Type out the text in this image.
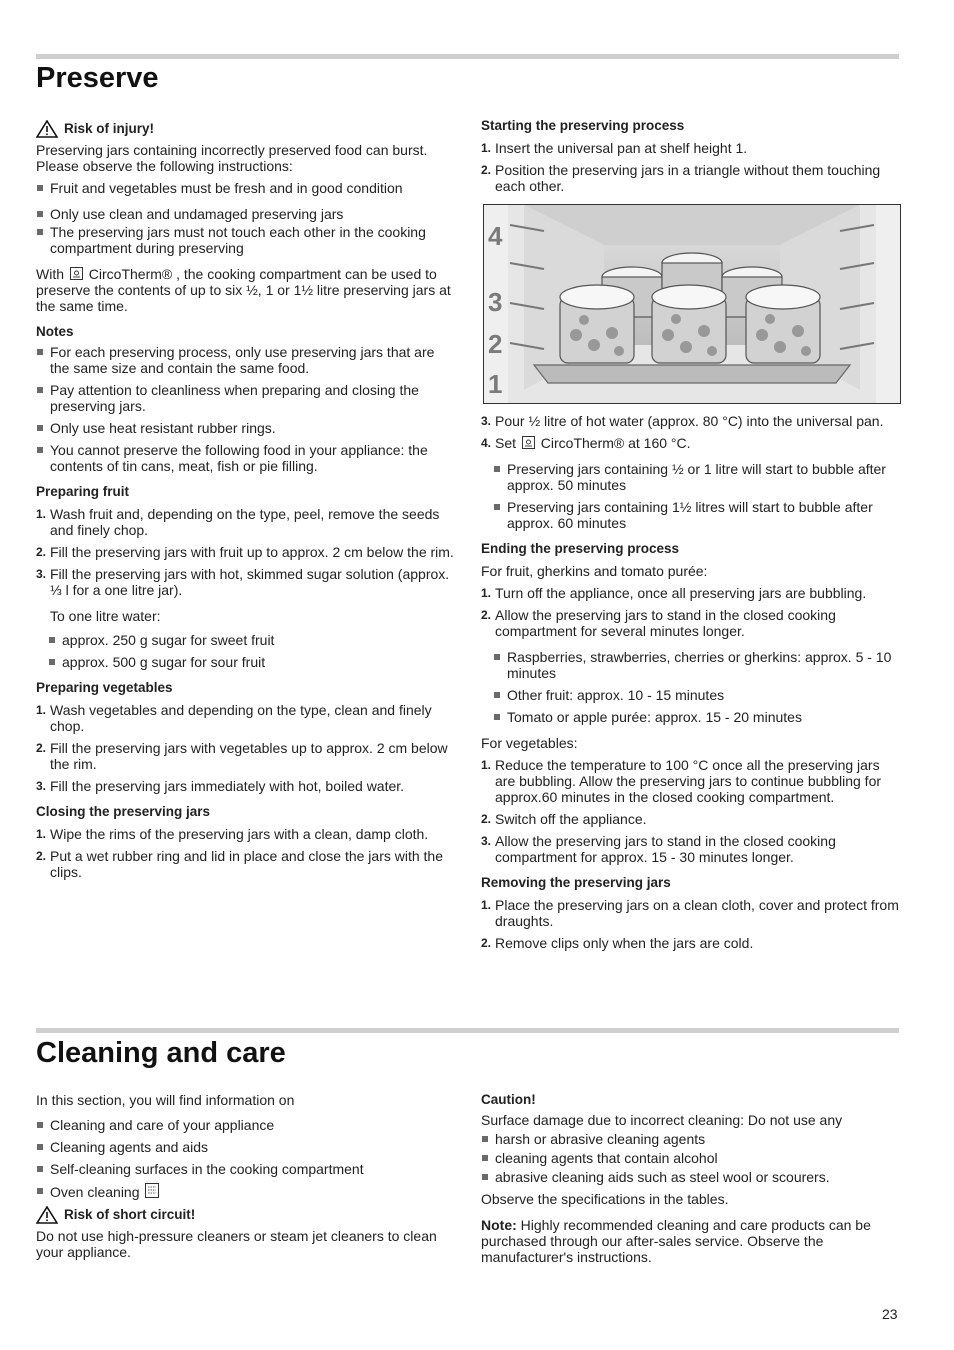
Preserve
Risk of injury!

Preserving jars containing incorrectly preserved food can burst. Please observe the following instructions:

Fruit and vegetables must be fresh and in good condition
Only use clean and undamaged preserving jars
The preserving jars must not touch each other in the cooking compartment during preserving

With CircoTherm® , the cooking compartment can be used to preserve the contents of up to six ½, 1 or 1½ litre preserving jars at the same time.

Notes
For each preserving process, only use preserving jars that are the same size and contain the same food.
Pay attention to cleanliness when preparing and closing the preserving jars.
Only use heat resistant rubber rings.
You cannot preserve the following food in your appliance: the contents of tin cans, meat, fish or pie filling.
Preparing fruit
1. Wash fruit and, depending on the type, peel, remove the seeds and finely chop.
2. Fill the preserving jars with fruit up to approx. 2 cm below the rim.
3. Fill the preserving jars with hot, skimmed sugar solution (approx. ⅓ l for a one litre jar).

To one litre water:

approx. 250 g sugar for sweet fruit
approx. 500 g sugar for sour fruit
Preparing vegetables
1. Wash vegetables and depending on the type, clean and finely chop.
2. Fill the preserving jars with vegetables up to approx. 2 cm below the rim.
3. Fill the preserving jars immediately with hot, boiled water.
Closing the preserving jars
1. Wipe the rims of the preserving jars with a clean, damp cloth.
2. Put a wet rubber ring and lid in place and close the jars with the clips.
Starting the preserving process
1. Insert the universal pan at shelf height 1.
2. Position the preserving jars in a triangle without them touching each other.
4
3
2
1
3. Pour ½ litre of hot water (approx. 80 °C) into the universal pan.
4. Set CircoTherm® at 160 °C.
Preserving jars containing ½ or 1 litre will start to bubble after approx. 50 minutes
Preserving jars containing 1½ litres will start to bubble after approx. 60 minutes
Ending the preserving process

For fruit, gherkins and tomato purée:

1. Turn off the appliance, once all preserving jars are bubbling.
2. Allow the preserving jars to stand in the closed cooking compartment for several minutes longer.
Raspberries, strawberries, cherries or gherkins: approx. 5 - 10 minutes
Other fruit: approx. 10 - 15 minutes
Tomato or apple purée: approx. 15 - 20 minutes

For vegetables:

1. Reduce the temperature to 100 °C once all the preserving jars are bubbling. Allow the preserving jars to continue bubbling for approx.60 minutes in the closed cooking compartment.
2. Switch off the appliance.
3. Allow the preserving jars to stand in the closed cooking compartment for approx. 15 - 30 minutes longer.
Removing the preserving jars
1. Place the preserving jars on a clean cloth, cover and protect from draughts.
2. Remove clips only when the jars are cold.
Cleaning and care

In this section, you will find information on

Cleaning and care of your appliance
Cleaning agents and aids
Self-cleaning surfaces in the cooking compartment
Oven cleaning
Risk of short circuit!

Do not use high-pressure cleaners or steam jet cleaners to clean your appliance.

Caution!

Surface damage due to incorrect cleaning: Do not use any

harsh or abrasive cleaning agents
cleaning agents that contain alcohol
abrasive cleaning aids such as steel wool or scourers.

Observe the specifications in the tables.

Note: Highly recommended cleaning and care products can be purchased through our after-sales service. Observe the manufacturer's instructions.

23
